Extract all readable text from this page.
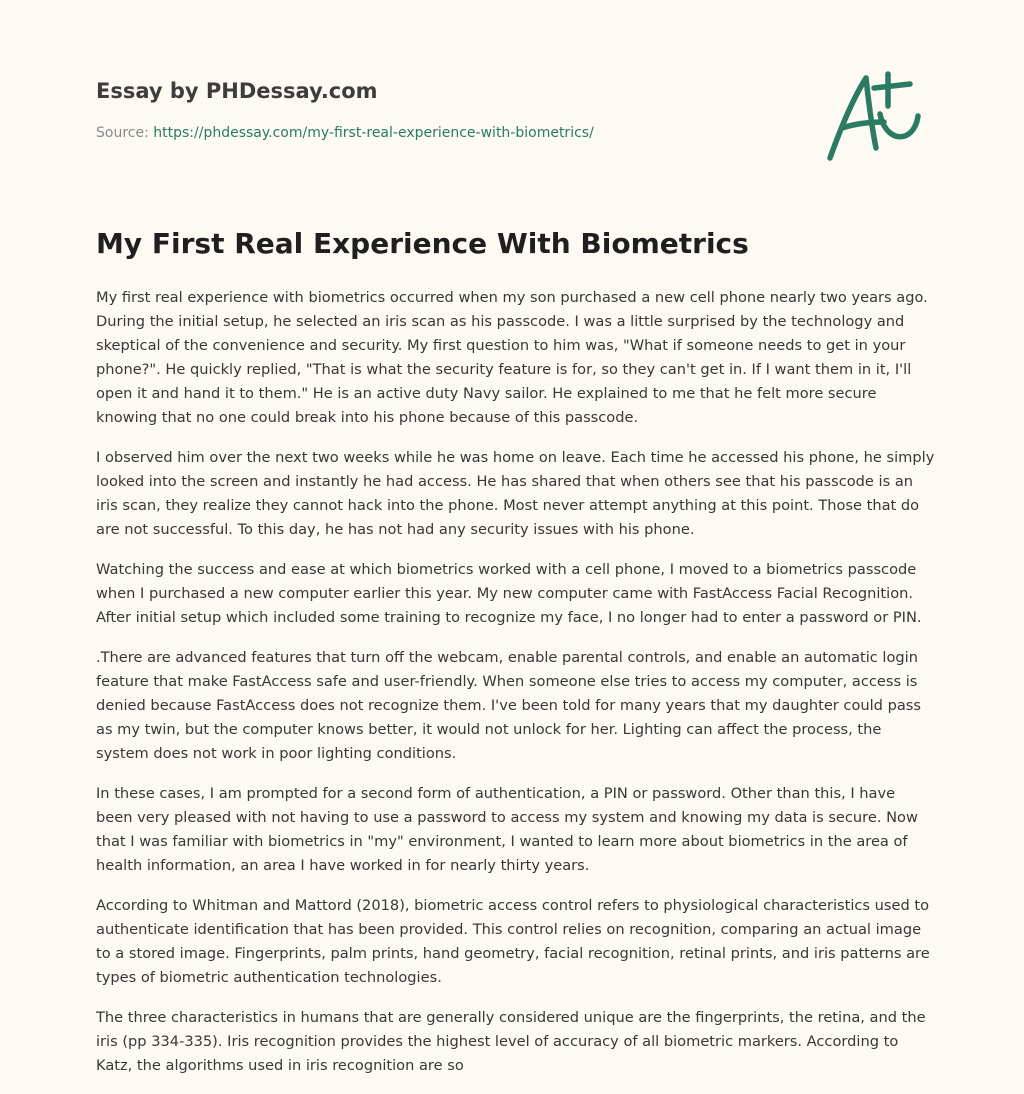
Essay by PHDessay.com
Source: https://phdessay.com/my-first-real-experience-with-biometrics/
My First Real Experience With Biometrics

My first real experience with biometrics occurred when my son purchased a new cell phone nearly two years ago. During the initial setup, he selected an iris scan as his passcode. I was a little surprised by the technology and skeptical of the convenience and security. My first question to him was, "What if someone needs to get in your phone?". He quickly replied, "That is what the security feature is for, so they can't get in. If I want them in it, I'll open it and hand it to them." He is an active duty Navy sailor. He explained to me that he felt more secure knowing that no one could break into his phone because of this passcode.

I observed him over the next two weeks while he was home on leave. Each time he accessed his phone, he simply looked into the screen and instantly he had access. He has shared that when others see that his passcode is an iris scan, they realize they cannot hack into the phone. Most never attempt anything at this point. Those that do are not successful. To this day, he has not had any security issues with his phone.

Watching the success and ease at which biometrics worked with a cell phone, I moved to a biometrics passcode when I purchased a new computer earlier this year. My new computer came with FastAccess Facial Recognition. After initial setup which included some training to recognize my face, I no longer had to enter a password or PIN.

.There are advanced features that turn off the webcam, enable parental controls, and enable an automatic login feature that make FastAccess safe and user-friendly. When someone else tries to access my computer, access is denied because FastAccess does not recognize them. I've been told for many years that my daughter could pass as my twin, but the computer knows better, it would not unlock for her. Lighting can affect the process, the system does not work in poor lighting conditions.

In these cases, I am prompted for a second form of authentication, a PIN or password. Other than this, I have been very pleased with not having to use a password to access my system and knowing my data is secure. Now that I was familiar with biometrics in "my" environment, I wanted to learn more about biometrics in the area of health information, an area I have worked in for nearly thirty years.

According to Whitman and Mattord (2018), biometric access control refers to physiological characteristics used to authenticate identification that has been provided. This control relies on recognition, comparing an actual image to a stored image. Fingerprints, palm prints, hand geometry, facial recognition, retinal prints, and iris patterns are types of biometric authentication technologies.

The three characteristics in humans that are generally considered unique are the fingerprints, the retina, and the iris (pp 334-335). Iris recognition provides the highest level of accuracy of all biometric markers. According to Katz, the algorithms used in iris recognition are so
